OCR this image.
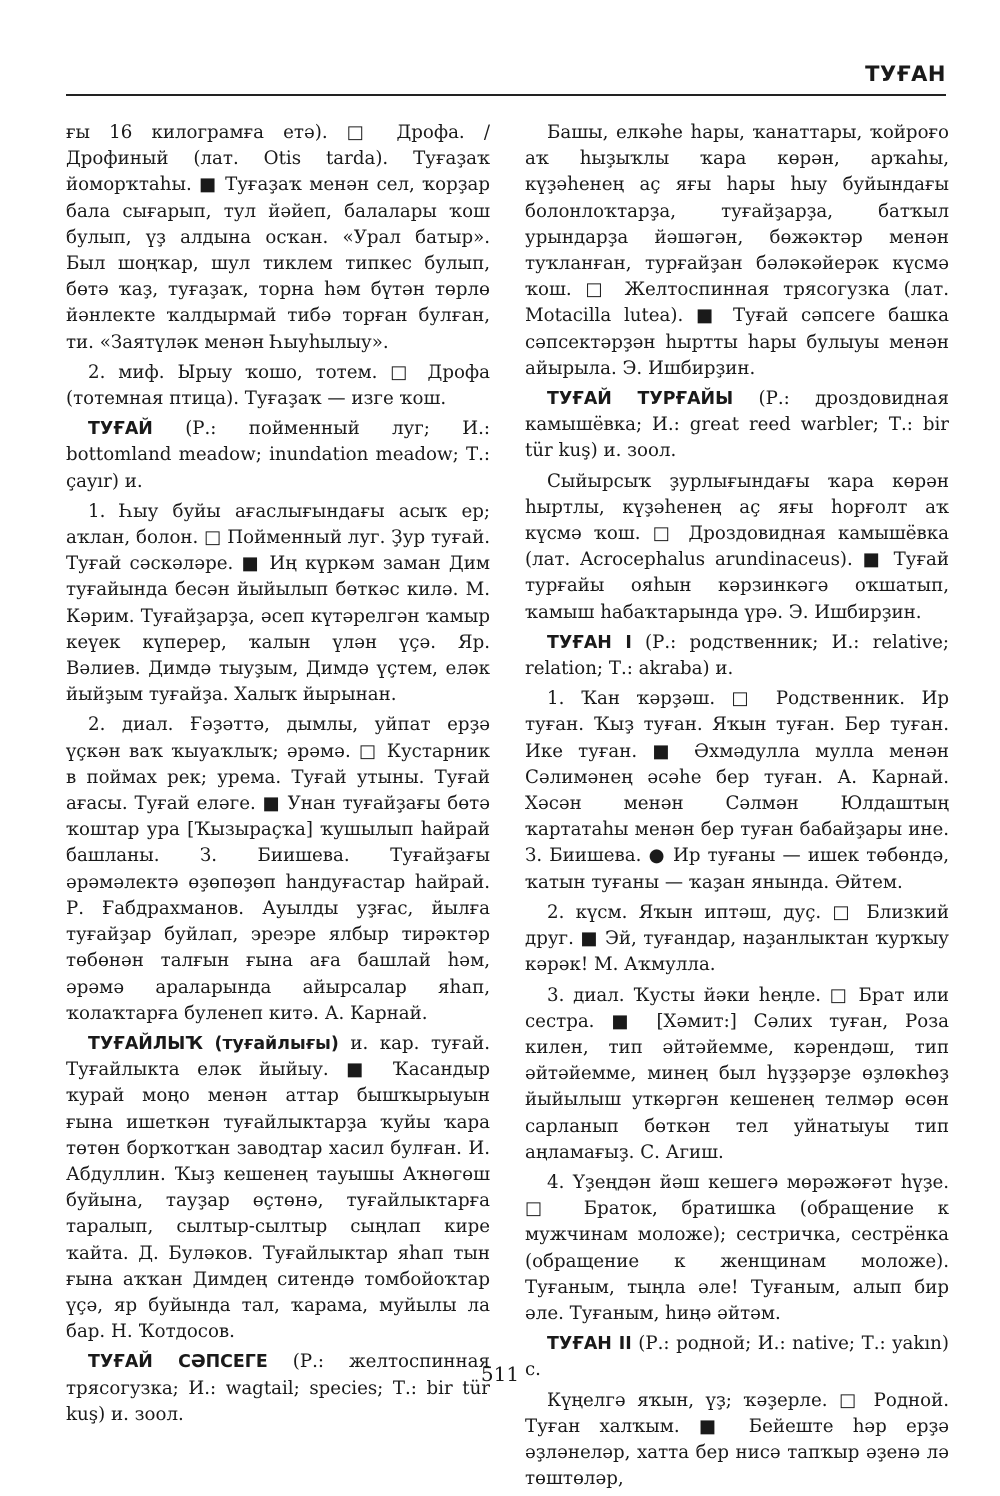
ТУҒАН

ғы 16 килограмға етә). □ Дрофа. / Дрофиный (лат. Otis tarda). Туғаҙаҡ йоморҡтаһы. ■ Туғаҙаҡ менән сел, ҡорҙар бала сығарып, тул йәйеп, балалары ҡош булып, үҙ алдына осҡан. «Урал батыр». Был шоңҡар, шул тиклем типкес булып, бөтә ҡаҙ, туғаҙаҡ, торна һәм бүтән төрлө йәнлекте ҡалдырмай тибә торған булған, ти. «Заятүләк менән Һыуһылыу».

2. миф. Ырыу ҡошо, тотем. □ Дрофа (тотемная птица). Туғаҙаҡ — изге ҡош.

ТУҒАЙ (Р.: пойменный луг; И.: bottomland meadow; inundation meadow; Т.: çayır) и.

1. Һыу буйы ағаслығындағы асыҡ ер; аҡлан, болон. □ Пойменный луг. Ҙур туғай. Туғай сәскәләре. ■ Иң күркәм заман Дим туғайында бесән йыйылып бөткәс килә. М. Кәрим. Туғайҙарҙа, әсеп күтәрелгән ҡамыр кеүек күперер, ҡалын үлән үҫә. Яр. Вәлиев. Димдә тыуҙым, Димдә үҫтем, еләк йыйҙым туғайҙа. Халыҡ йырынан.

2. диал. Ғәҙәттә, дымлы, уйпат ерҙә үҫкән ваҡ ҡыуаҡлыҡ; әрәмә. □ Кустарник в поймах рек; урема. Туғай утыны. Туғай ағасы. Туғай еләге. ■ Унан туғайҙағы бөтә ҡоштар ура [Ҡызыраҫҡа] ҡушылып һайрай башланы. З. Биишева. Туғайҙағы әрәмәлектә өҙөпөҙөп һандуғастар һайрай. Р. Ғабдрахманов. Ауылды уҙғас, йылға туғайҙар буйлап, эреэре ялбыр тирәктәр төбөнән талғын ғына аға башлай һәм, әрәмә араларында айырсалар яһап, ҡолаҡтарға буленеп китә. А. Карнай.

ТУҒАЙЛЫҠ (туғайлығы) и. кар. туғай. Туғайлыкта еләк йыйыу. ■ Ҡасандыр ҡурай моңо менән аттар бышҡырыуын ғына ишеткән туғайлыктарҙа ҡуйы ҡара төтөн борҡотҡан заводтар хасил булған. И. Абдуллин. Ҡыҙ кешенең тауышы Аҡнөгөш буйына, тауҙар өҫтөнә, туғайлыктарға таралып, сылтыр-сылтыр сыңлап кире ҡайта. Д. Буләков. Туғайлыктар яһап тын ғына аҡҡан Димдең ситендә томбойоҡтар үҫә, яр буйында тал, ҡарама, муйылы ла бар. Н. Ҡотдосов.

ТУҒАЙ СӘПСЕГЕ (Р.: желтоспинная трясогузка; И.: wagtail; species; Т.: bir tür kuş) и. зоол.

Башы, елкәһе һары, ҡанаттары, ҡойроғо аҡ һыҙыҡлы ҡара көрән, арҡаһы, күҙәһенең аҫ яғы һары һыу буйындағы болонлоҡтарҙа, туғайҙарҙа, батҡыл урындарҙа йәшәгән, бөжәктәр менән туҡланған, турғайҙан бәләкәйерәк күсмә ҡош. □ Желтоспинная трясогузка (лат. Motacilla lutea). ■ Туғай сәпсеге башка сәпсектәрҙән һыртты һары булыуы менән айырыла. Э. Ишбирҙин.

ТУҒАЙ ТУРҒАЙЫ (Р.: дроздовидная камышёвка; И.: great reed warbler; Т.: bir tür kuş) и. зоол.

Сыйырсыҡ ҙурлығындағы ҡара көрән һыртлы, күҙәһенең аҫ яғы һорғолт аҡ күсмә ҡош. □ Дроздовидная камышёвка (лат. Acrocephalus arundinaceus). ■ Туғай турғайы ояһын кәрзинкәгә оҡшатып, ҡамыш һабаҡтарында үрә. Э. Ишбирҙин.

ТУҒАН I (Р.: родственник; И.: relative; relation; Т.: akraba) и.

1. Ҡан ҡәрҙәш. □ Родственник. Ир туған. Ҡыҙ туған. Яҡын туған. Бер туған. Ике туған. ■ Әхмәдулла мулла менән Сәлимәнең әсәһе бер туған. А. Карнай. Хәсән менән Сәлмән Юлдаштың ҡартатаһы менән бер туған бабайҙары ине. З. Биишева. ● Ир туғаны — ишек төбөндә, ҡатын туғаны — ҡаҙан янында. Әйтем.

2. күсм. Яҡын иптәш, дуҫ. □ Близкий друг. ■ Эй, туғандар, наҙанлыктан ҡурҡыу кәрәк! М. Аҡмулла.

3. диал. Ҡусты йәки һеңле. □ Брат или сестра. ■ [Хәмит:] Сәлих туған, Роза килен, тип әйтәйемме, кәрендәш, тип әйтәйемме, минең был һүҙҙәрҙе өҙлөкһөҙ йыйылыш уткәргән кешенең телмәр өсөн сарланып бөткән тел уйнатыуы тип аңламағыҙ. С. Агиш.

4. Үҙеңдән йәш кешегә мөрәжәғәт һүҙе. □ Браток, братишка (обращение к мужчинам моложе); сестричка, сестрёнка (обращение к женщинам моложе). Туғаным, тыңла әле! Туғаным, алып бир әле. Туғаным, һиңә әйтәм.

ТУҒАН II (Р.: родной; И.: native; Т.: yakın) с.

Күңелгә яҡын, үҙ; ҡәҙерле. □ Родной. Туған халҡым. ■ Бейеште һәр ерҙә әҙләнеләр, хатта бер нисә тапҡыр әҙенә лә төштөләр,

511
